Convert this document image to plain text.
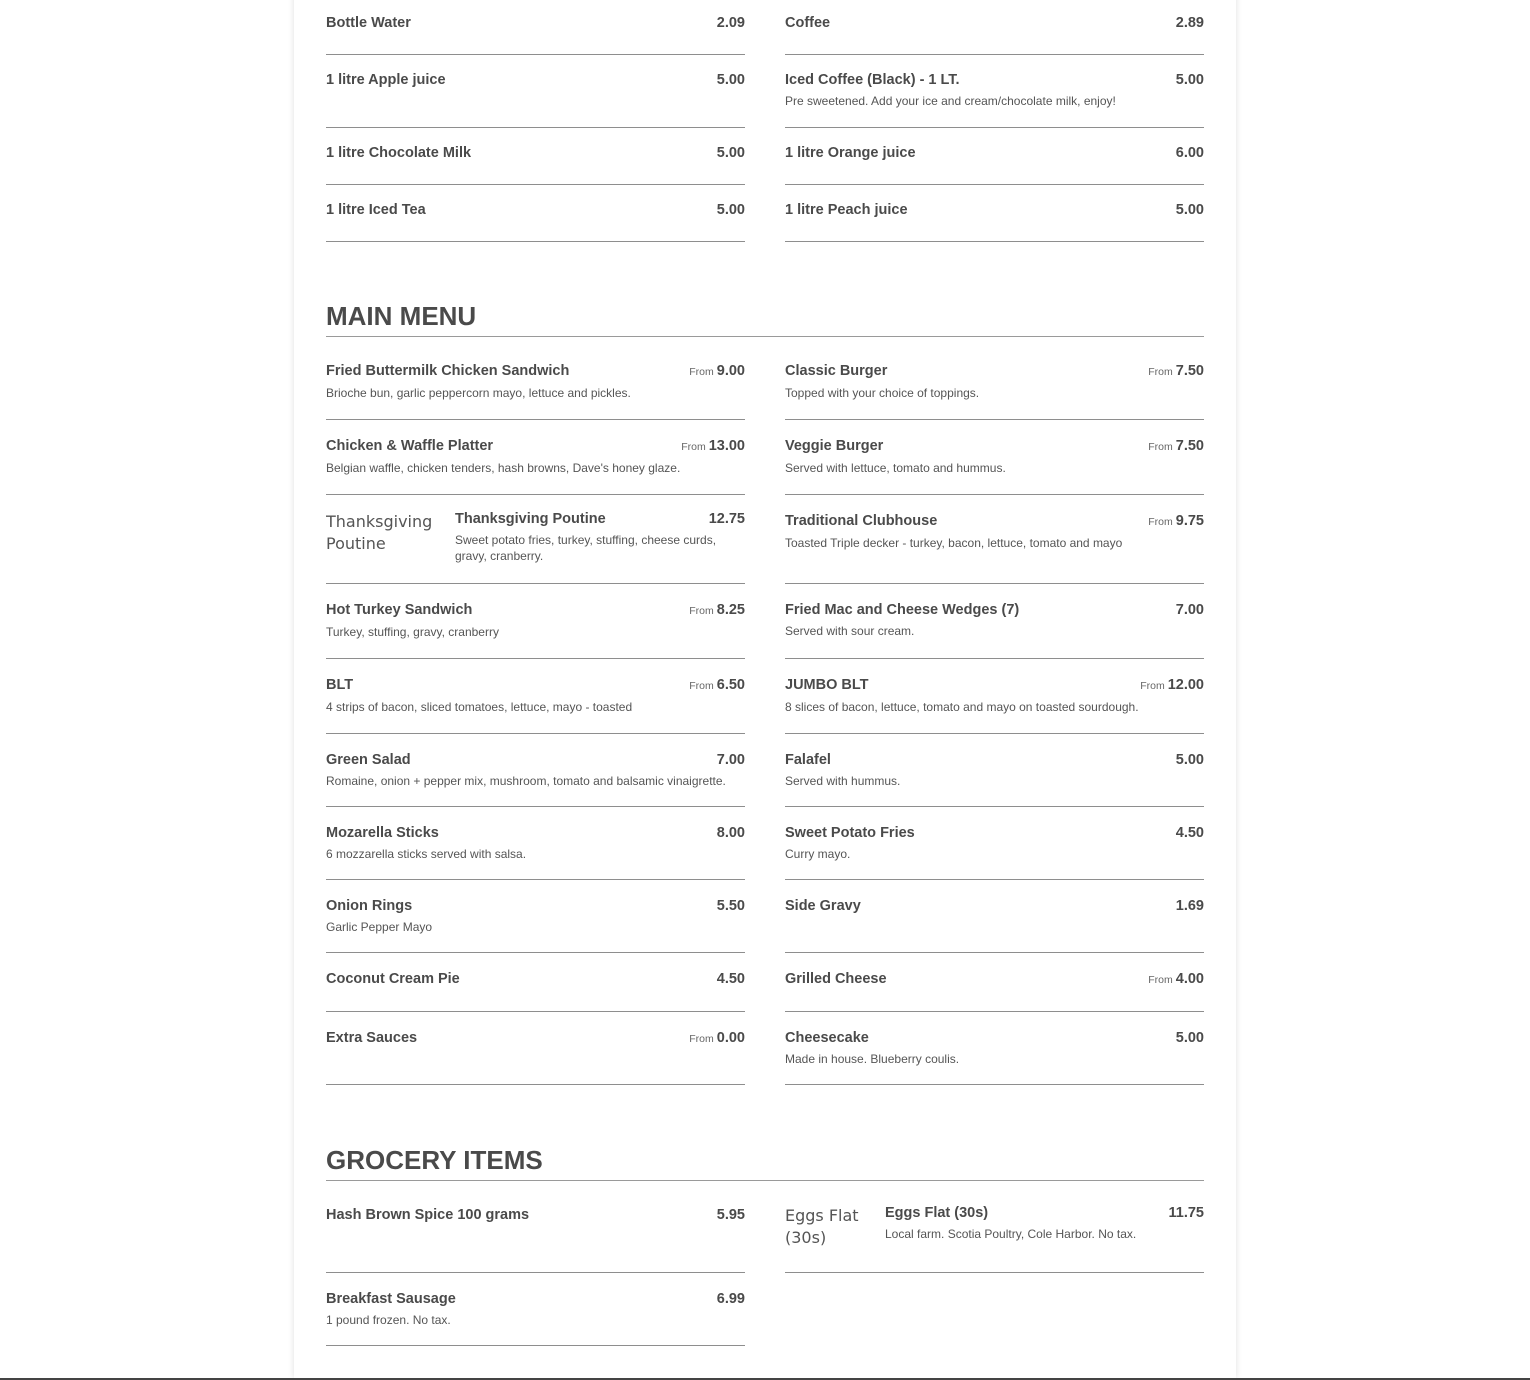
Bottle Water	2.09
1 litre Apple juice	5.00
1 litre Chocolate Milk	5.00
1 litre Iced Tea	5.00
Coffee	2.89
Iced Coffee (Black) - 1 LT.	5.00
Pre sweetened. Add your ice and cream/chocolate milk, enjoy!
1 litre Orange juice	6.00
1 litre Peach juice	5.00
MAIN MENU
Fried Buttermilk Chicken Sandwich	From 9.00
Brioche bun, garlic peppercorn mayo, lettuce and pickles.
Chicken & Waffle Platter	From 13.00
Belgian waffle, chicken tenders, hash browns, Dave's honey glaze.
Thanksgiving Poutine
Thanksgiving Poutine	12.75
Sweet potato fries, turkey, stuffing, cheese curds, gravy, cranberry.
Hot Turkey Sandwich	From 8.25
Turkey, stuffing, gravy, cranberry
BLT	From 6.50
4 strips of bacon, sliced tomatoes, lettuce, mayo - toasted
Green Salad	7.00
Romaine, onion + pepper mix, mushroom, tomato and balsamic vinaigrette.
Mozarella Sticks	8.00
6 mozzarella sticks served with salsa.
Onion Rings	5.50
Garlic Pepper Mayo
Coconut Cream Pie	4.50
Extra Sauces	From 0.00
Classic Burger	From 7.50
Topped with your choice of toppings.
Veggie Burger	From 7.50
Served with lettuce, tomato and hummus.
Traditional Clubhouse	From 9.75
Toasted Triple decker - turkey, bacon, lettuce, tomato and mayo
Fried Mac and Cheese Wedges (7)	7.00
Served with sour cream.
JUMBO BLT	From 12.00
8 slices of bacon, lettuce, tomato and mayo on toasted sourdough.
Falafel	5.00
Served with hummus.
Sweet Potato Fries	4.50
Curry mayo.
Side Gravy	1.69
Grilled Cheese	From 4.00
Cheesecake	5.00
Made in house. Blueberry coulis.
GROCERY ITEMS
Hash Brown Spice 100 grams	5.95
Breakfast Sausage	6.99
1 pound frozen. No tax.
Eggs Flat (30s)
Eggs Flat (30s)	11.75
Local farm. Scotia Poultry, Cole Harbor. No tax.
